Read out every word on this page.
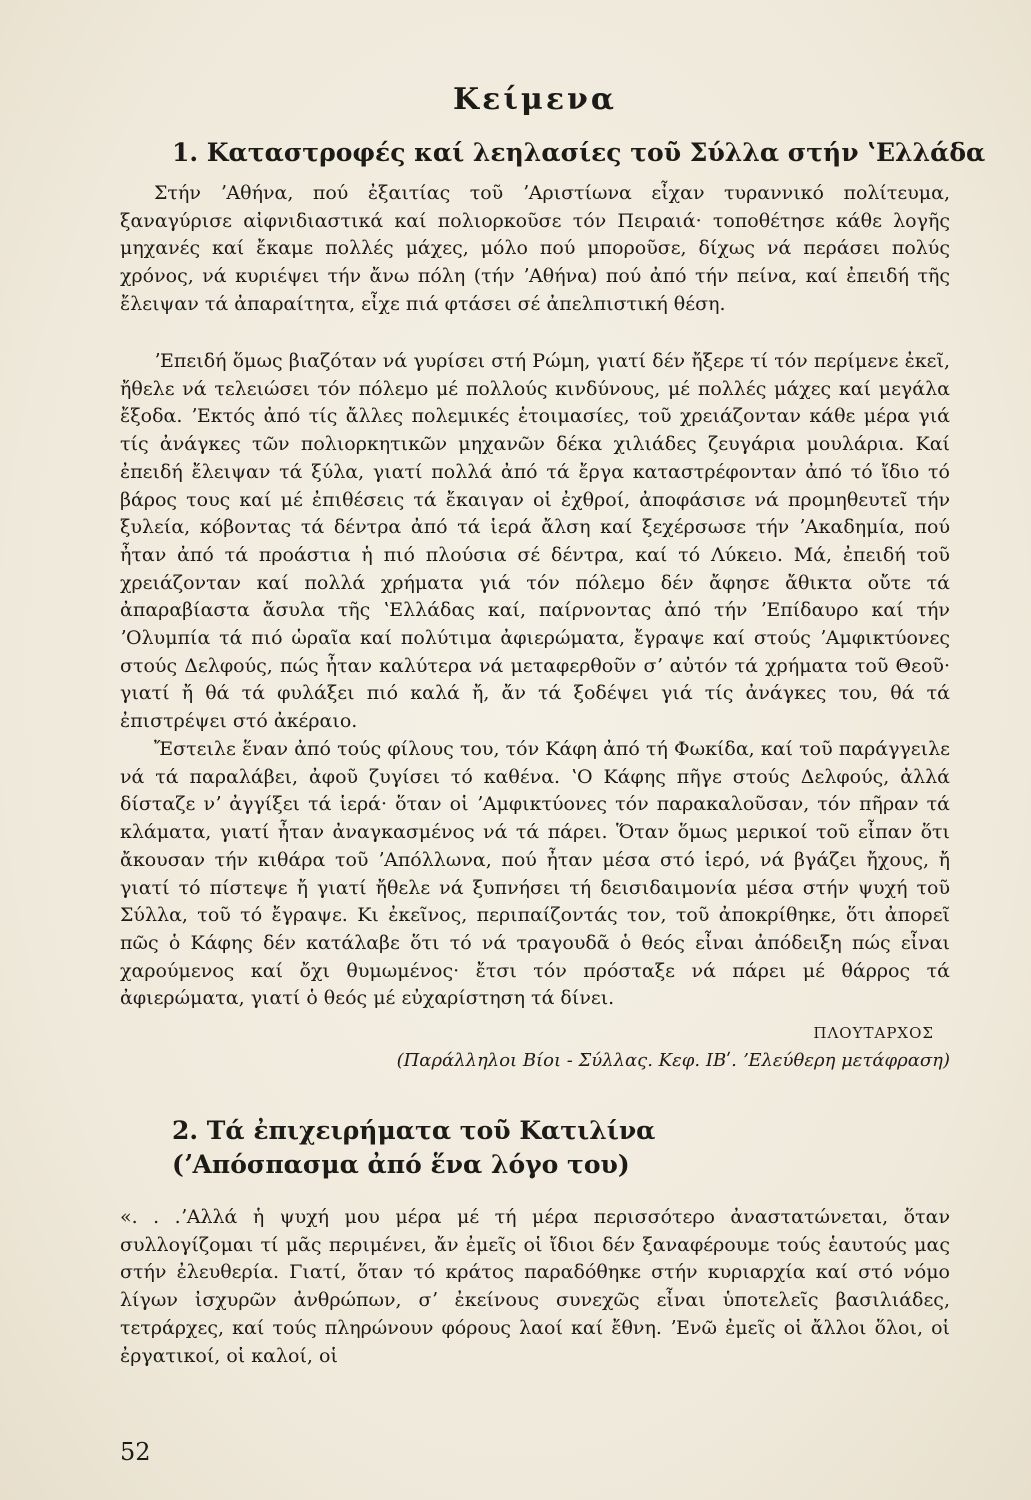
Κείμενα
1. Καταστροφές καί λεηλασίες τοῦ Σύλλα στήν ʽΕλλάδα

Στήν ʼΑθήνα, πού ἐξαιτίας τοῦ ʼΑριστίωνα εἶχαν τυραννικό πολίτευμα, ξαναγύρισε αἰφνιδιαστικά καί πολιορκοῦσε τόν Πειραιά· τοποθέτησε κάθε λογῆς μηχανές καί ἔκαμε πολλές μάχες, μόλο πού μποροῦσε, δίχως νά περάσει πολύς χρόνος, νά κυριέψει τήν ἄνω πόλη (τήν ʼΑθήνα) πού ἀπό τήν πείνα, καί ἐπειδή τῆς ἔλειψαν τά ἀπαραίτητα, εἶχε πιά φτάσει σέ ἀπελπιστική θέση.

ʼΕπειδή ὅμως βιαζόταν νά γυρίσει στή Ρώμη, γιατί δέν ἤξερε τί τόν περίμενε ἐκεῖ, ἤθελε νά τελειώσει τόν πόλεμο μέ πολλούς κινδύνους, μέ πολλές μάχες καί μεγάλα ἔξοδα. ʼΕκτός ἀπό τίς ἄλλες πολεμικές ἑτοιμασίες, τοῦ χρειάζονταν κάθε μέρα γιά τίς ἀνάγκες τῶν πολιορκητικῶν μηχανῶν δέκα χιλιάδες ζευγάρια μουλάρια. Καί ἐπειδή ἔλειψαν τά ξύλα, γιατί πολλά ἀπό τά ἔργα καταστρέφονταν ἀπό τό ἴδιο τό βάρος τους καί μέ ἐπιθέσεις τά ἔκαιγαν οἱ ἐχθροί, ἀποφάσισε νά προμηθευτεῖ τήν ξυλεία, κόβοντας τά δέντρα ἀπό τά ἱερά ἄλση καί ξεχέρσωσε τήν ʼΑκαδημία, πού ἦταν ἀπό τά προάστια ἡ πιό πλούσια σέ δέντρα, καί τό Λύκειο. Μά, ἐπειδή τοῦ χρειάζονταν καί πολλά χρήματα γιά τόν πόλεμο δέν ἄφησε ἄθικτα οὔτε τά ἀπαραβίαστα ἄσυλα τῆς ʽΕλλάδας καί, παίρνοντας ἀπό τήν ʼΕπίδαυρο καί τήν ʼΟλυμπία τά πιό ὡραῖα καί πολύτιμα ἀφιερώματα, ἔγραψε καί στούς ʼΑμφικτύονες στούς Δελφούς, πώς ἦταν καλύτερα νά μεταφερθοῦν σʼ αὐτόν τά χρήματα τοῦ Θεοῦ· γιατί ἤ θά τά φυλάξει πιό καλά ἤ, ἄν τά ξοδέψει γιά τίς ἀνάγκες του, θά τά ἐπιστρέψει στό ἀκέραιο.

Ἔστειλε ἕναν ἀπό τούς φίλους του, τόν Κάφη ἀπό τή Φωκίδα, καί τοῦ παράγγειλε νά τά παραλάβει, ἀφοῦ ζυγίσει τό καθένα. ʽΟ Κάφης πῆγε στούς Δελφούς, ἀλλά δίσταζε νʼ ἀγγίξει τά ἱερά· ὅταν οἱ ʼΑμφικτύονες τόν παρακαλοῦσαν, τόν πῆραν τά κλάματα, γιατί ἦταν ἀναγκασμένος νά τά πάρει. Ὅταν ὅμως μερικοί τοῦ εἶπαν ὅτι ἄκουσαν τήν κιθάρα τοῦ ʼΑπόλλωνα, πού ἦταν μέσα στό ἱερό, νά βγάζει ἤχους, ἤ γιατί τό πίστεψε ἤ γιατί ἤθελε νά ξυπνήσει τή δεισιδαιμονία μέσα στήν ψυχή τοῦ Σύλλα, τοῦ τό ἔγραψε. Κι ἐκεῖνος, περιπαίζοντάς τον, τοῦ ἀποκρίθηκε, ὅτι ἀπορεῖ πῶς ὁ Κάφης δέν κατάλαβε ὅτι τό νά τραγουδᾶ ὁ θεός εἶναι ἀπόδειξη πώς εἶναι χαρούμενος καί ὄχι θυμωμένος· ἔτσι τόν πρόσταξε νά πάρει μέ θάρρος τά ἀφιερώματα, γιατί ὁ θεός μέ εὐχαρίστηση τά δίνει.

ΠΛΟΥΤΑΡΧΟΣ
(Παράλληλοι Βίοι - Σύλλας. Κεφ. ΙΒʹ. ʼΕλεύθερη μετάφραση)
2. Τά ἐπιχειρήματα τοῦ Κατιλίνα
(ʼΑπόσπασμα ἀπό ἕνα λόγο του)

«. . .ʼΑλλά ἡ ψυχή μου μέρα μέ τή μέρα περισσότερο ἀναστατώνεται, ὅταν συλλογίζομαι τί μᾶς περιμένει, ἄν ἐμεῖς οἱ ἴδιοι δέν ξαναφέρουμε τούς ἑαυτούς μας στήν ἐλευθερία. Γιατί, ὅταν τό κράτος παραδόθηκε στήν κυριαρχία καί στό νόμο λίγων ἰσχυρῶν ἀνθρώπων, σʼ ἐκείνους συνεχῶς εἶναι ὑποτελεῖς βασιλιάδες, τετράρχες, καί τούς πληρώνουν φόρους λαοί καί ἔθνη. ʼΕνῶ ἐμεῖς οἱ ἄλλοι ὅλοι, οἱ ἐργατικοί, οἱ καλοί, οἱ

52
